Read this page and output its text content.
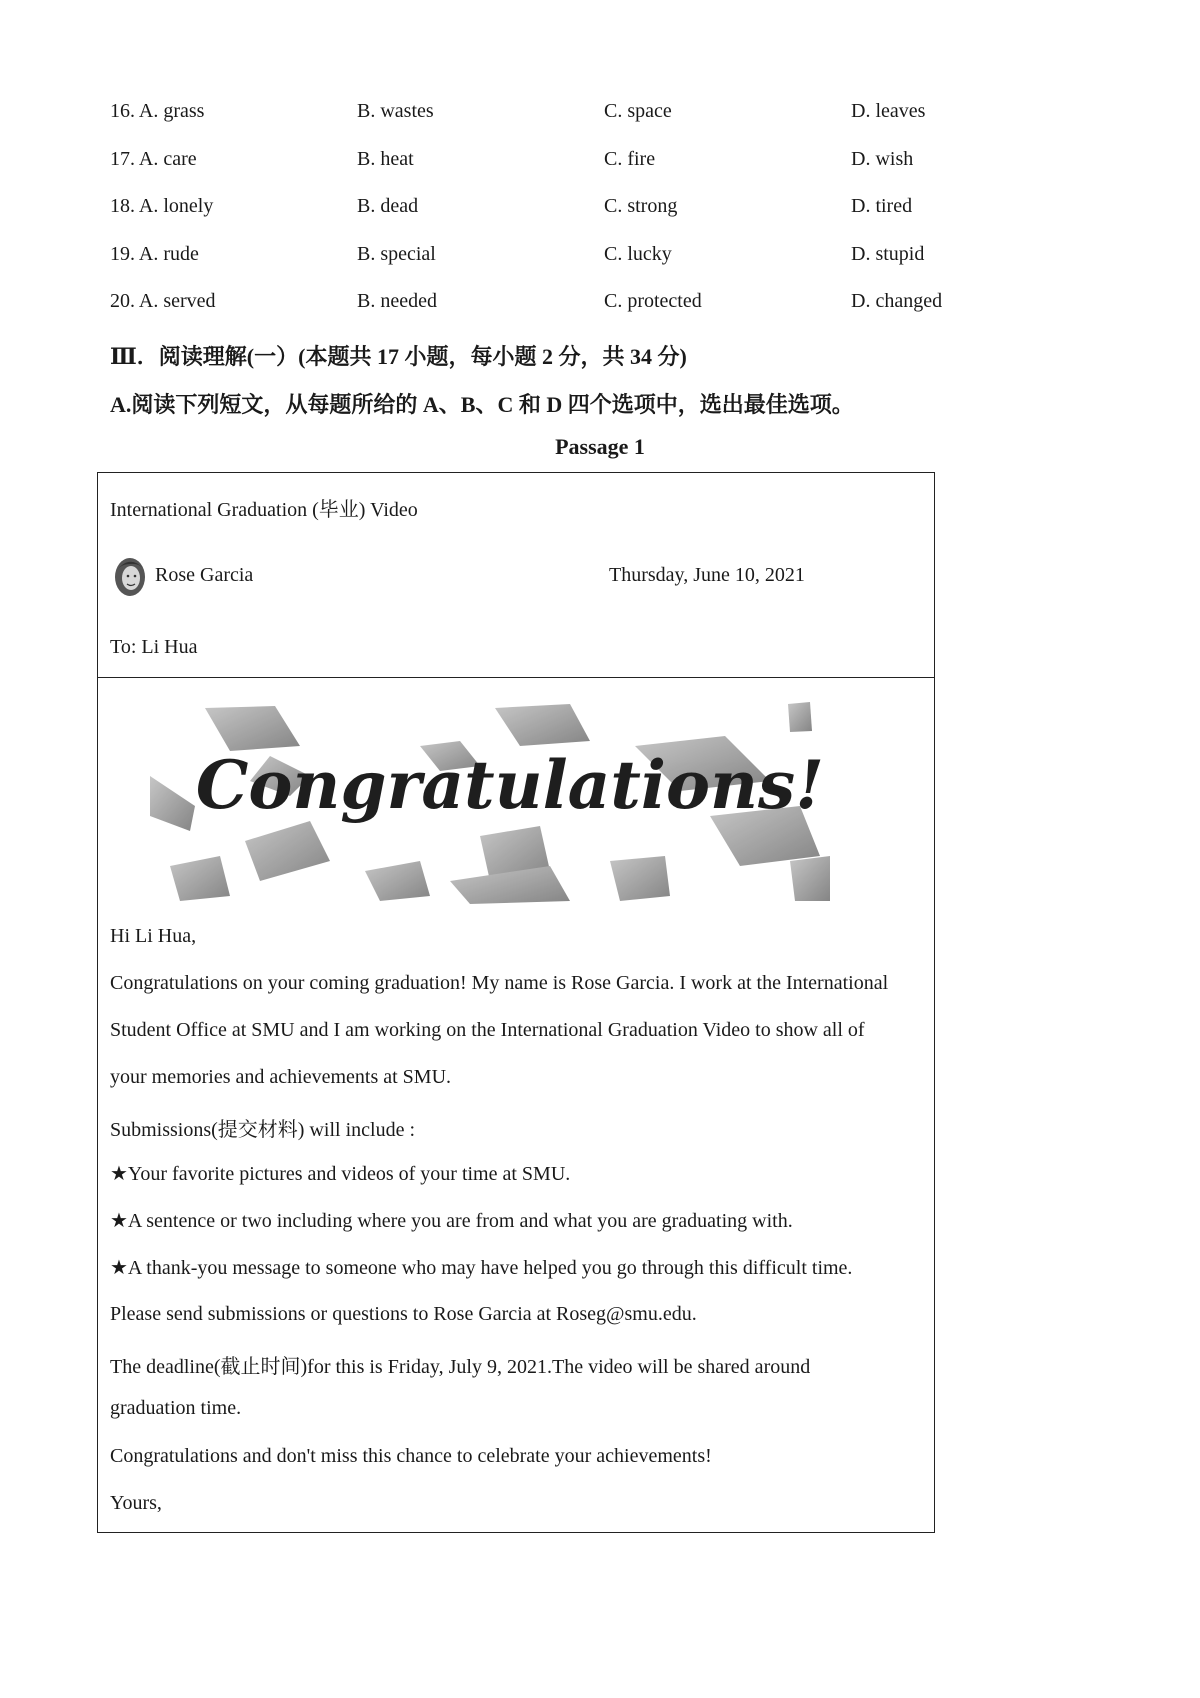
16. A. grass	B. wastes	C. space	D. leaves
17. A. care	B. heat	C. fire	D. wish
18. A. lonely	B. dead	C. strong	D. tired
19. A. rude	B. special	C. lucky	D. stupid
20. A. served	B. needed	C. protected	D. changed
Ⅲ．阅读理解(一）(本题共 17 小题，每小题 2 分，共 34 分)
A.阅读下列短文，从每题所给的 A、B、C 和 D 四个选项中，选出最佳选项。
Passage 1
International Graduation (毕业) Video
Rose Garcia	Thursday, June 10, 2021
To: Li Hua
Congratulations!
Hi Li Hua,
Congratulations on your coming graduation! My name is Rose Garcia. I work at the International
Student Office at SMU and I am working on the International Graduation Video to show all of
your memories and achievements at SMU.
Submissions(提交材料) will include :
★Your favorite pictures and videos of your time at SMU.
★A sentence or two including where you are from and what you are graduating with.
★A thank-you message to someone who may have helped you go through this difficult time.
Please send submissions or questions to Rose Garcia at Roseg@smu.edu.
The deadline(截止时间)for this is Friday, July 9, 2021.The video will be shared around
graduation time.
Congratulations and don't miss this chance to celebrate your achievements!
Yours,
